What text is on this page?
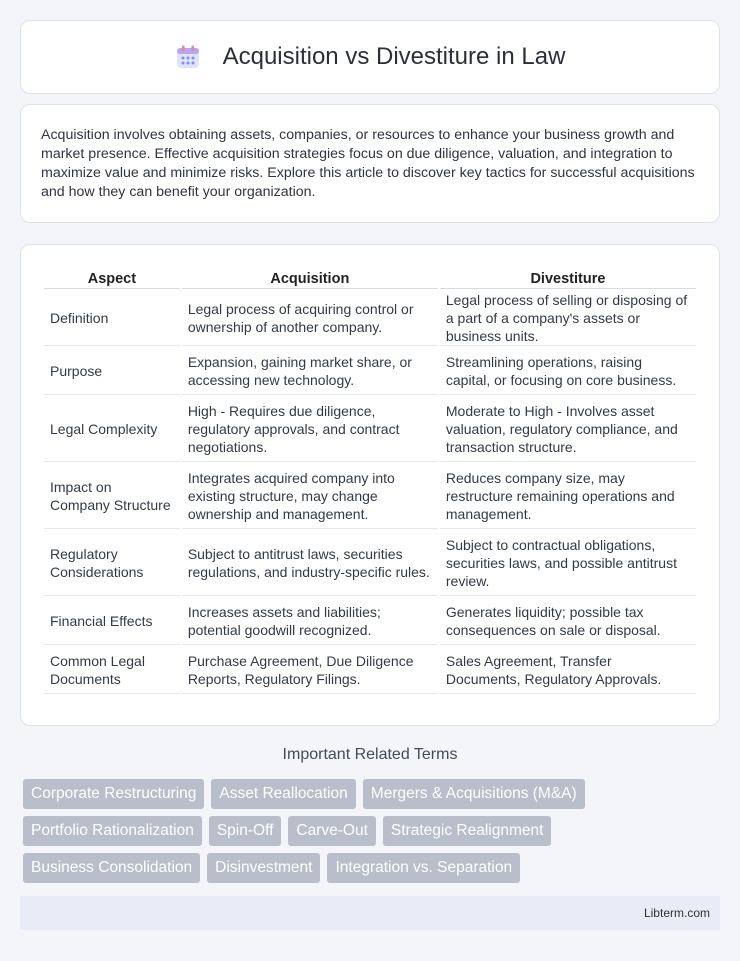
Acquisition vs Divestiture in Law

Acquisition involves obtaining assets, companies, or resources to enhance your business growth and market presence. Effective acquisition strategies focus on due diligence, valuation, and integration to maximize value and minimize risks. Explore this article to discover key tactics for successful acquisitions and how they can benefit your organization.

Aspect	Acquisition	Divestiture
Definition	Legal process of acquiring control or ownership of another company.	Legal process of selling or disposing of a part of a company's assets or business units.
Purpose	Expansion, gaining market share, or accessing new technology.	Streamlining operations, raising capital, or focusing on core business.
Legal Complexity	High - Requires due diligence, regulatory approvals, and contract negotiations.	Moderate to High - Involves asset valuation, regulatory compliance, and transaction structure.
Impact on Company Structure	Integrates acquired company into existing structure, may change ownership and management.	Reduces company size, may restructure remaining operations and management.
Regulatory Considerations	Subject to antitrust laws, securities regulations, and industry-specific rules.	Subject to contractual obligations, securities laws, and possible antitrust review.
Financial Effects	Increases assets and liabilities; potential goodwill recognized.	Generates liquidity; possible tax consequences on sale or disposal.
Common Legal Documents	Purchase Agreement, Due Diligence Reports, Regulatory Filings.	Sales Agreement, Transfer Documents, Regulatory Approvals.
Important Related Terms
Corporate Restructuring	Asset Reallocation	Mergers & Acquisitions (M&A)
Portfolio Rationalization	Spin-Off	Carve-Out	Strategic Realignment
Business Consolidation	Disinvestment	Integration vs. Separation
Libterm.com
